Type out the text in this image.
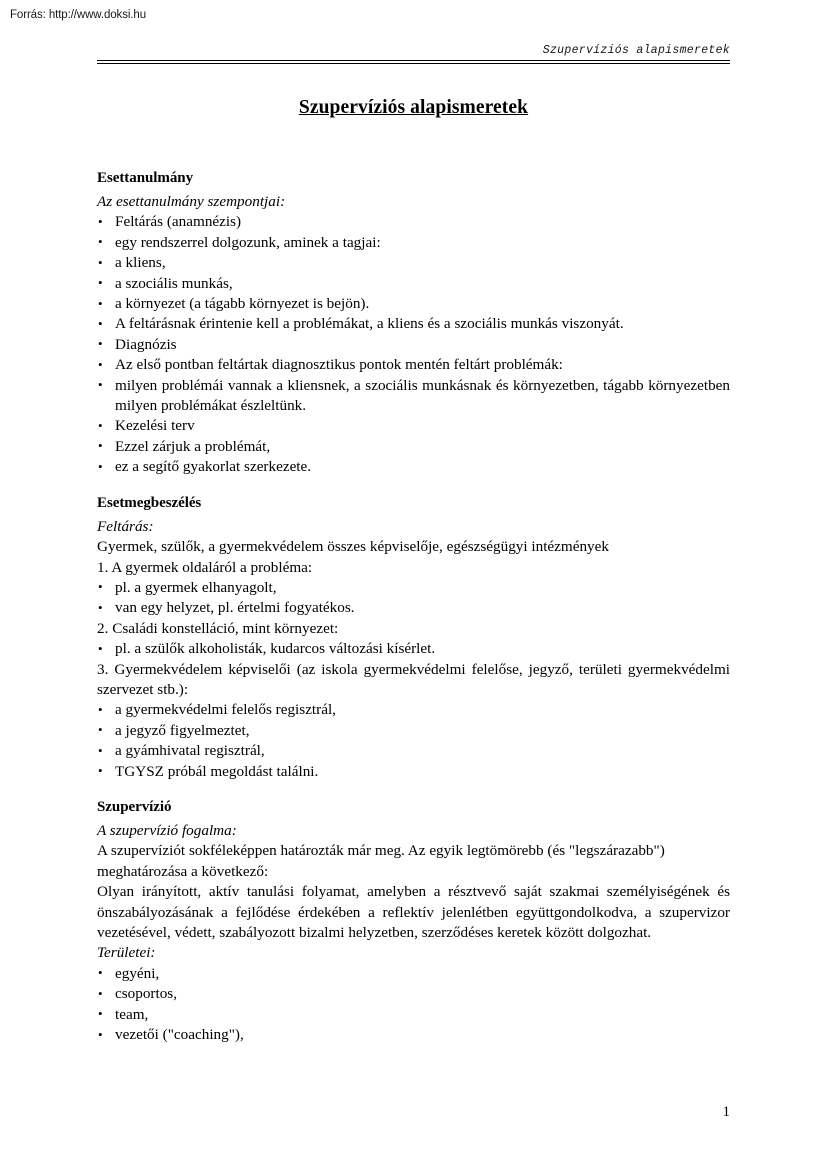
Forrás: http://www.doksi.hu
Szupervíziós alapismeretek
Szupervíziós alapismeretek
Esettanulmány
Az esettanulmány szempontjai:
• Feltárás (anamnézis)
• egy rendszerrel dolgozunk, aminek a tagjai:
• a kliens,
• a szociális munkás,
• a környezet (a tágabb környezet is bejön).
• A feltárásnak érintenie kell a problémákat, a kliens és a szociális munkás viszonyát.
• Diagnózis
• Az első pontban feltártak diagnosztikus pontok mentén feltárt problémák:
• milyen problémái vannak a kliensnek, a szociális munkásnak és környezetben, tágabb környezetben milyen problémákat észleltünk.
• Kezelési terv
• Ezzel zárjuk a problémát,
• ez a segítő gyakorlat szerkezete.
Esetmegbeszélés
Feltárás:

Gyermek, szülők, a gyermekvédelem összes képviselője, egészségügyi intézmények

1. A gyermek oldaláról a probléma:

• pl. a gyermek elhanyagolt,
• van egy helyzet, pl. értelmi fogyatékos.

2. Családi konstelláció, mint környezet:

• pl. a szülők alkoholisták, kudarcos változási kísérlet.

3. Gyermekvédelem képviselői (az iskola gyermekvédelmi felelőse, jegyző, területi gyermekvédelmi szervezet stb.):

• a gyermekvédelmi felelős regisztrál,
• a jegyző figyelmeztet,
• a gyámhivatal regisztrál,
• TGYSZ próbál megoldást találni.
Szupervízió
A szupervízió fogalma:

A szupervíziót sokféleképpen határozták már meg. Az egyik legtömörebb (és "legszárazabb") meghatározása a következő:

Olyan irányított, aktív tanulási folyamat, amelyben a résztvevő saját szakmai személyiségének és önszabályozásának a fejlődése érdekében a reflektív jelenlétben együttgondolkodva, a szupervizor vezetésével, védett, szabályozott bizalmi helyzetben, szerződéses keretek között dolgozhat.

Területei:
• egyéni,
• csoportos,
• team,
• vezetői ("coaching"),
1
